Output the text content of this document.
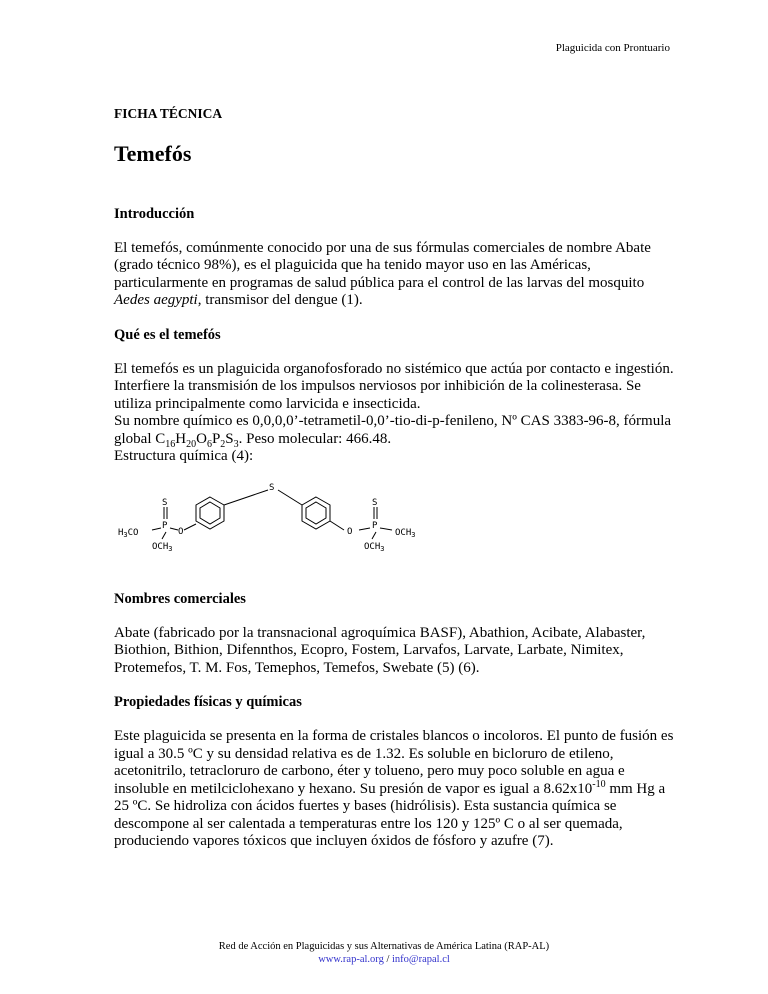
Plaguicida con Prontuario
FICHA TÉCNICA
Temefós
Introducción

El temefós, comúnmente conocido por una de sus fórmulas comerciales de nombre Abate (grado técnico 98%), es el plaguicida que ha tenido mayor uso en las Américas, particularmente en programas de salud pública para el control de las larvas del mosquito Aedes aegypti, transmisor del dengue (1).

Qué es el temefós

El temefós es un plaguicida organofosforado no sistémico que actúa por contacto e ingestión. Interfiere la transmisión de los impulsos nerviosos por inhibición de la colinesterasa. Se utiliza principalmente como larvicida e insecticida.
Su nombre químico es 0,0,0,0’-tetrametil-0,0’-tio-di-p-fenileno, Nº CAS 3383-96-8, fórmula global $C_{16}H_{20}O_6P_2S_3$. Peso molecular: 466.48.
Estructura química (4):

S
P
O
$H_3CO$
$OCH_3$
S
S
P
O	$OCH_3$
$OCH_3$
Nombres comerciales

Abate (fabricado por la transnacional agroquímica BASF), Abathion, Acibate, Alabaster, Biothion, Bithion, Difennthos, Ecopro, Fostem, Larvafos, Larvate, Larbate, Nimitex, Protemefos, T. M. Fos, Temephos, Temefos, Swebate (5) (6).

Propiedades físicas y químicas

Este plaguicida se presenta en la forma de cristales blancos o incoloros. El punto de fusión es igual a 30.5 ºC y su densidad relativa es de 1.32. Es soluble en bicloruro de etileno, acetonitrilo, tetracloruro de carbono, éter y tolueno, pero muy poco soluble en agua e insoluble en metilciclohexano y hexano. Su presión de vapor es igual a $8.62x10^{-10}$ mm Hg a 25 ºC. Se hidroliza con ácidos fuertes y bases (hidrólisis). Esta sustancia química se descompone al ser calentada a temperaturas entre los 120 y 125º C o al ser quemada, produciendo vapores tóxicos que incluyen óxidos de fósforo y azufre (7).

Red de Acción en Plaguicidas y sus Alternativas de América Latina (RAP-AL)
www.rap-al.org / info@rapal.cl
